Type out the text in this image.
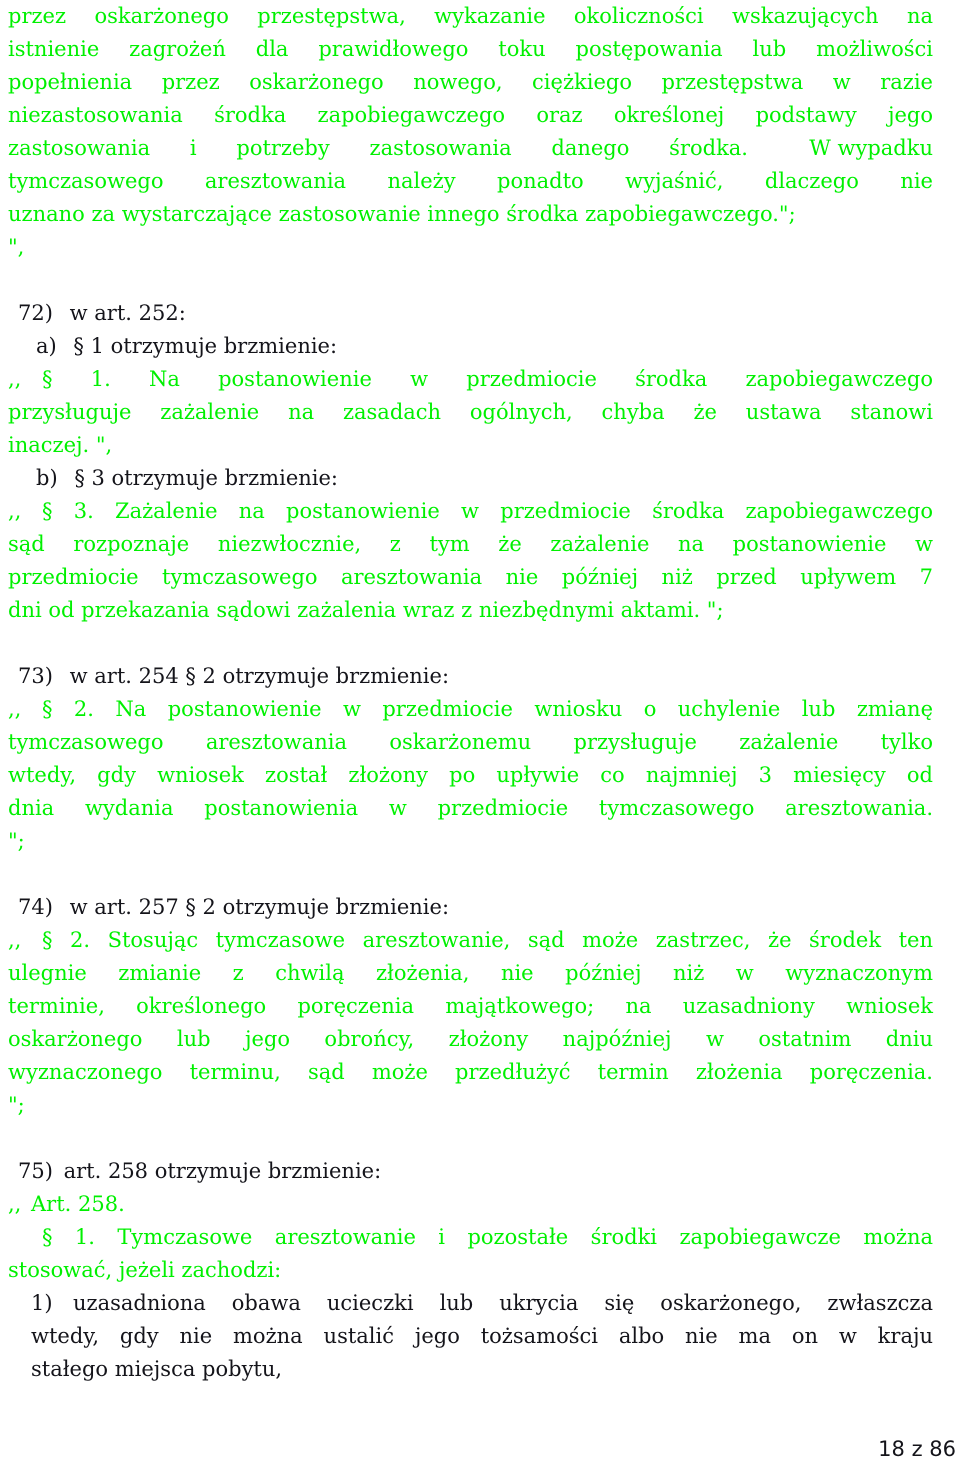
przez oskarżonego przestępstwa, wykazanie okoliczności wskazujących na
istnienie zagrożeń dla prawidłowego toku postępowania lub możliwości
popełnienia przez oskarżonego nowego, ciężkiego przestępstwa w razie
niezastosowania środka zapobiegawczego oraz określonej podstawy jego
zastosowania i potrzeby zastosowania danego środka.	W wypadku
tymczasowego aresztowania należy ponadto wyjaśnić, dlaczego nie
uznano za wystarczające zastosowanie innego środka zapobiegawczego.";
",
72) w art. 252:
a) § 1 otrzymuje brzmienie:
,, § 1. Na postanowienie w przedmiocie środka zapobiegawczego
przysługuje zażalenie na zasadach ogólnych, chyba że ustawa stanowi
inaczej. ",
b) § 3 otrzymuje brzmienie:
,, § 3. Zażalenie na postanowienie w przedmiocie środka zapobiegawczego
sąd rozpoznaje niezwłocznie, z tym że zażalenie na postanowienie w
przedmiocie tymczasowego aresztowania nie później niż przed upływem 7
dni od przekazania sądowi zażalenia wraz z niezbędnymi aktami. ";
73) w art. 254 § 2 otrzymuje brzmienie:
,, § 2. Na postanowienie w przedmiocie wniosku o uchylenie lub zmianę
tymczasowego aresztowania oskarżonemu przysługuje zażalenie tylko
wtedy, gdy wniosek został złożony po upływie co najmniej 3 miesięcy od
dnia wydania postanowienia w przedmiocie tymczasowego aresztowania.
";
74) w art. 257 § 2 otrzymuje brzmienie:
,, § 2. Stosując tymczasowe aresztowanie, sąd może zastrzec, że środek ten
ulegnie zmianie z chwilą złożenia, nie później niż w wyznaczonym
terminie, określonego poręczenia majątkowego; na uzasadniony wniosek
oskarżonego lub jego obrońcy, złożony najpóźniej w ostatnim dniu
wyznaczonego terminu, sąd może przedłużyć termin złożenia poręczenia.
";
75) art. 258 otrzymuje brzmienie:
,, Art. 258.
§ 1. Tymczasowe aresztowanie i pozostałe środki zapobiegawcze można
stosować, jeżeli zachodzi:
1) uzasadniona obawa ucieczki lub ukrycia się oskarżonego, zwłaszcza
wtedy, gdy nie można ustalić jego tożsamości albo nie ma on w kraju
stałego miejsca pobytu,
18 z 86
